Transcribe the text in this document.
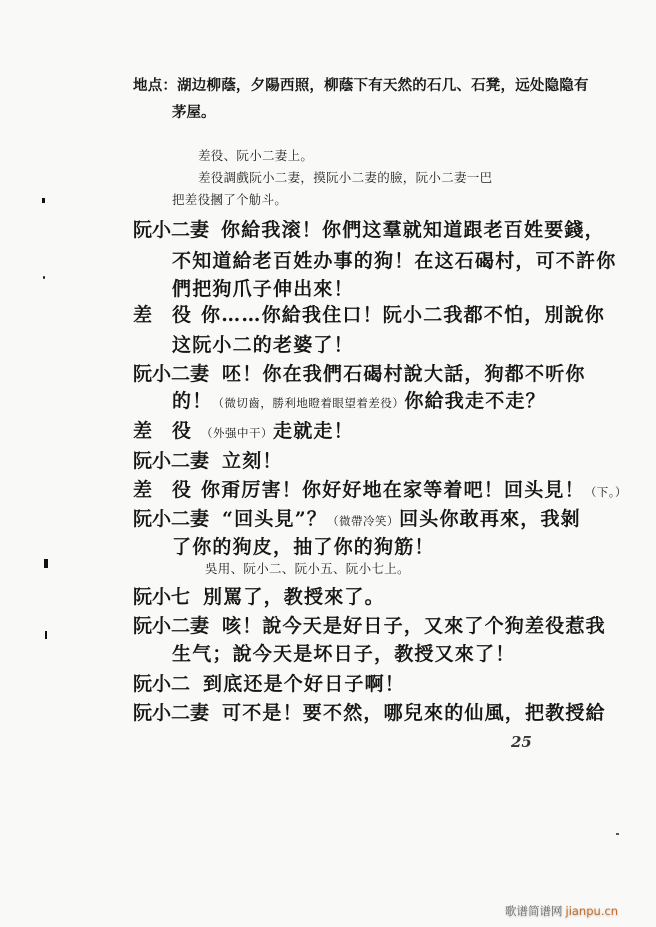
地点：湖边柳蔭，夕陽西照，柳蔭下有天然的石几、石凳，远处隐隐有
茅屋。
差役、阮小二妻上。
差役調戲阮小二妻，摸阮小二妻的臉，阮小二妻一巴
把差役摑了个觔斗。
阮小二妻 你給我滚！你們这羣就知道跟老百姓要錢，
不知道給老百姓办事的狗！在这石碣村，可不許你
們把狗爪子伸出來！
差役
你……你給我住口！阮小二我都不怕，別說你
这阮小二的老婆了！
阮小二妻 呸！你在我們石碣村說大話，狗都不听你
的！（微切齒，勝利地瞪着眼望着差役）你給我走不走？
差役
（外强中干）走就走！
阮小二妻 立刻！
差役
你甭厉害！你好好地在家等着吧！回头見！（下。）
阮小二妻 “回头見”？（微帶冷笑）回头你敢再來，我剝
了你的狗皮，抽了你的狗筋！
吳用、阮小二、阮小五、阮小七上。
阮小七 別罵了，教授來了。
阮小二妻 咳！說今天是好日子，又來了个狗差役惹我
生气；說今天是坏日子，教授又來了！
阮小二 到底还是个好日子啊！
阮小二妻 可不是！要不然，哪兒來的仙風，把教授給
25
歌谱简谱网 jianpu.cn
